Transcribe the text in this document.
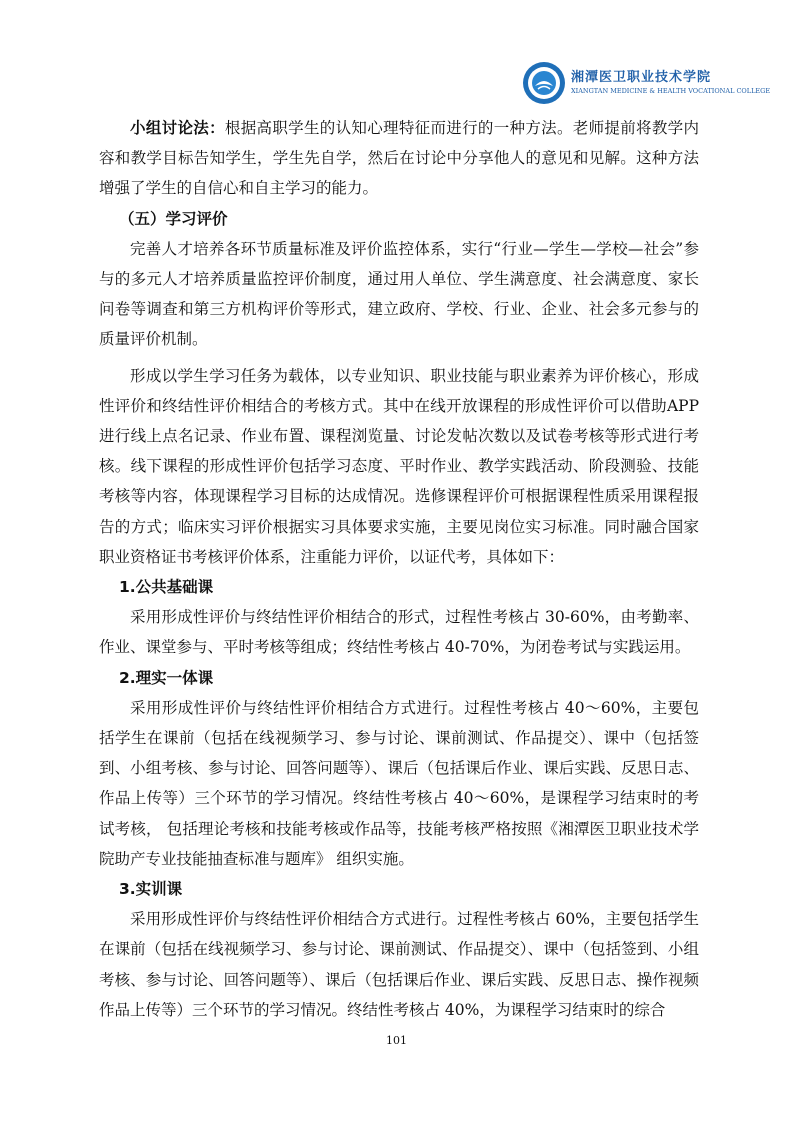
湘潭医卫职业技术学院
XIANGTAN MEDICINE & HEALTH VOCATIONAL COLLEGE

小组讨论法：根据高职学生的认知心理特征而进行的一种方法。老师提前将教学内容和教学目标告知学生，学生先自学，然后在讨论中分享他人的意见和见解。这种方法增强了学生的自信心和自主学习的能力。

（五）学习评价

完善人才培养各环节质量标准及评价监控体系，实行“行业—学生—学校—社会”参与的多元人才培养质量监控评价制度，通过用人单位、学生满意度、社会满意度、家长问卷等调查和第三方机构评价等形式，建立政府、学校、行业、企业、社会多元参与的质量评价机制。

形成以学生学习任务为载体，以专业知识、职业技能与职业素养为评价核心，形成性评价和终结性评价相结合的考核方式。其中在线开放课程的形成性评价可以借助APP进行线上点名记录、作业布置、课程浏览量、讨论发帖次数以及试卷考核等形式进行考核。线下课程的形成性评价包括学习态度、平时作业、教学实践活动、阶段测验、技能考核等内容，体现课程学习目标的达成情况。选修课程评价可根据课程性质采用课程报告的方式；临床实习评价根据实习具体要求实施，主要见岗位实习标准。同时融合国家职业资格证书考核评价体系，注重能力评价，以证代考，具体如下：

1.公共基础课

采用形成性评价与终结性评价相结合的形式，过程性考核占 30-60%，由考勤率、作业、课堂参与、平时考核等组成；终结性考核占 40-70%，为闭卷考试与实践运用。

2.理实一体课

采用形成性评价与终结性评价相结合方式进行。过程性考核占 40～60%，主要包括学生在课前（包括在线视频学习、参与讨论、课前测试、作品提交）、课中（包括签到、小组考核、参与讨论、回答问题等）、课后（包括课后作业、课后实践、反思日志、作品上传等）三个环节的学习情况。终结性考核占 40～60%，是课程学习结束时的考试考核， 包括理论考核和技能考核或作品等，技能考核严格按照《湘潭医卫职业技术学院助产专业技能抽查标准与题库》 组织实施。

3.实训课

采用形成性评价与终结性评价相结合方式进行。过程性考核占 60%，主要包括学生在课前（包括在线视频学习、参与讨论、课前测试、作品提交）、课中（包括签到、小组考核、参与讨论、回答问题等）、课后（包括课后作业、课后实践、反思日志、操作视频作品上传等）三个环节的学习情况。终结性考核占 40%，为课程学习结束时的综合

101
